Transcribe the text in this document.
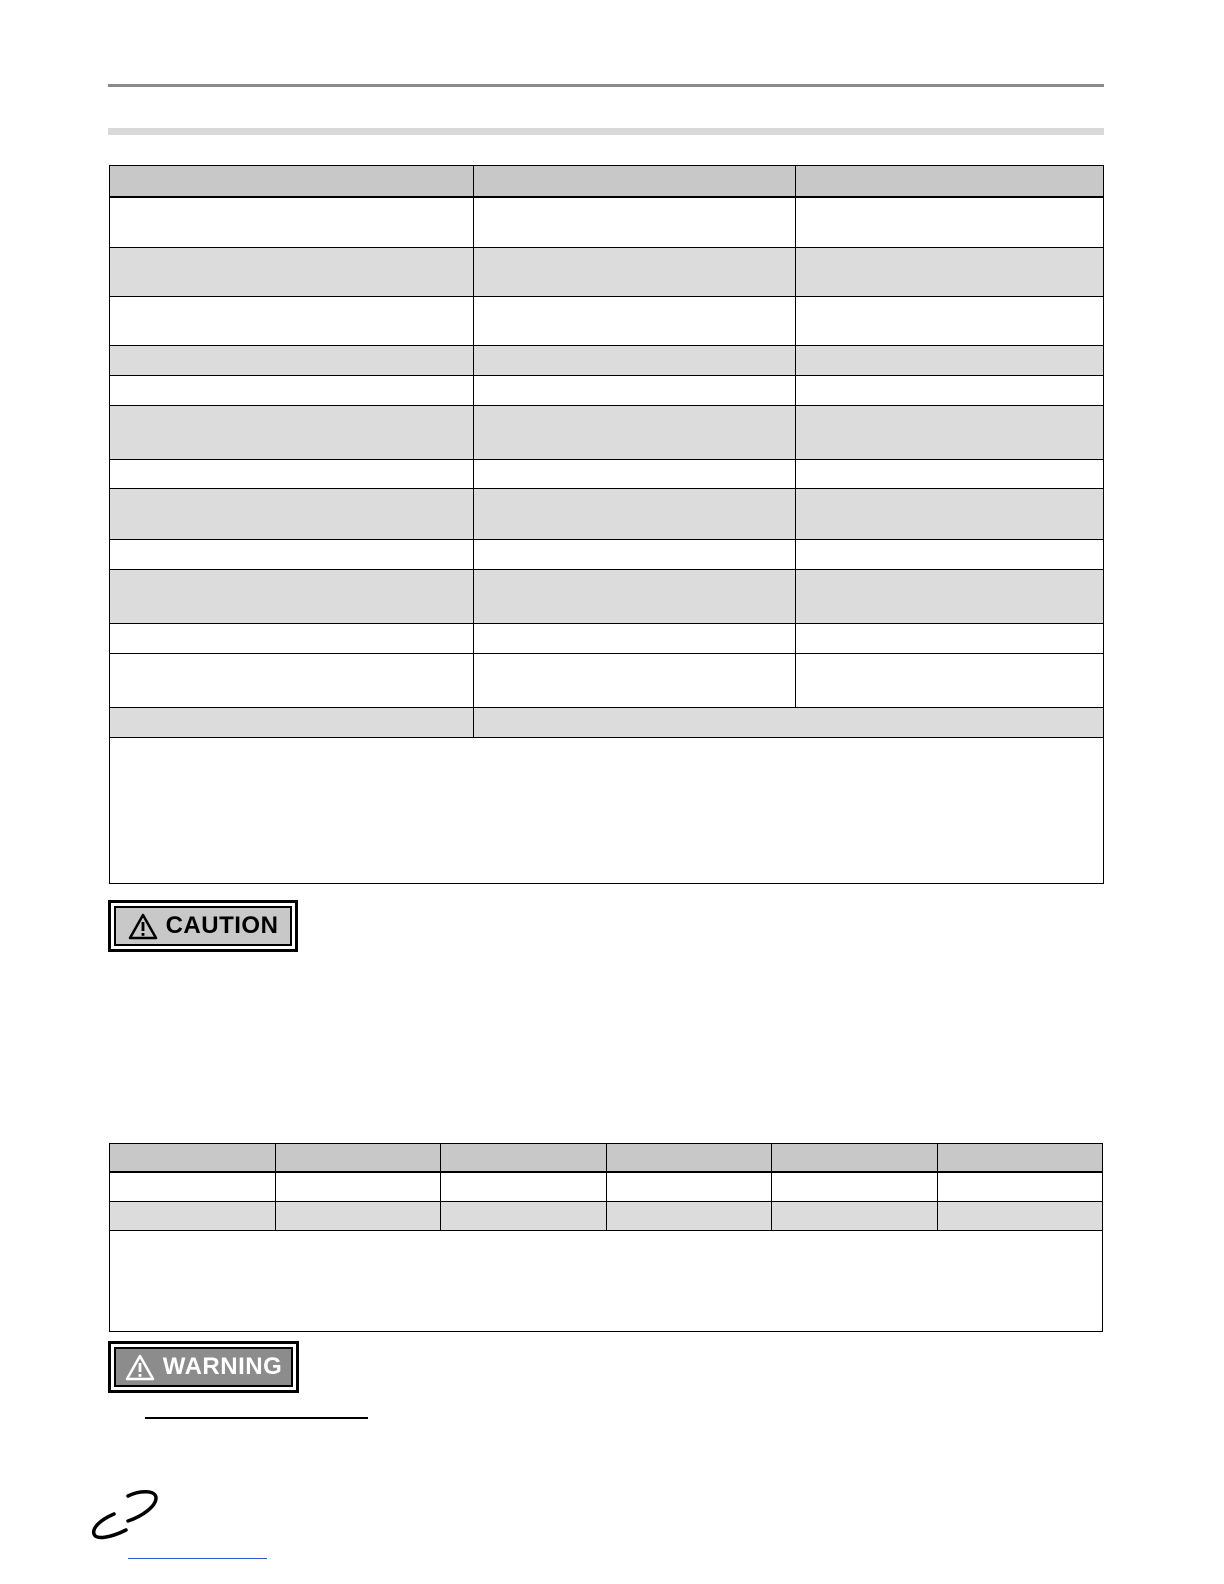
CAUTION

WARNING
